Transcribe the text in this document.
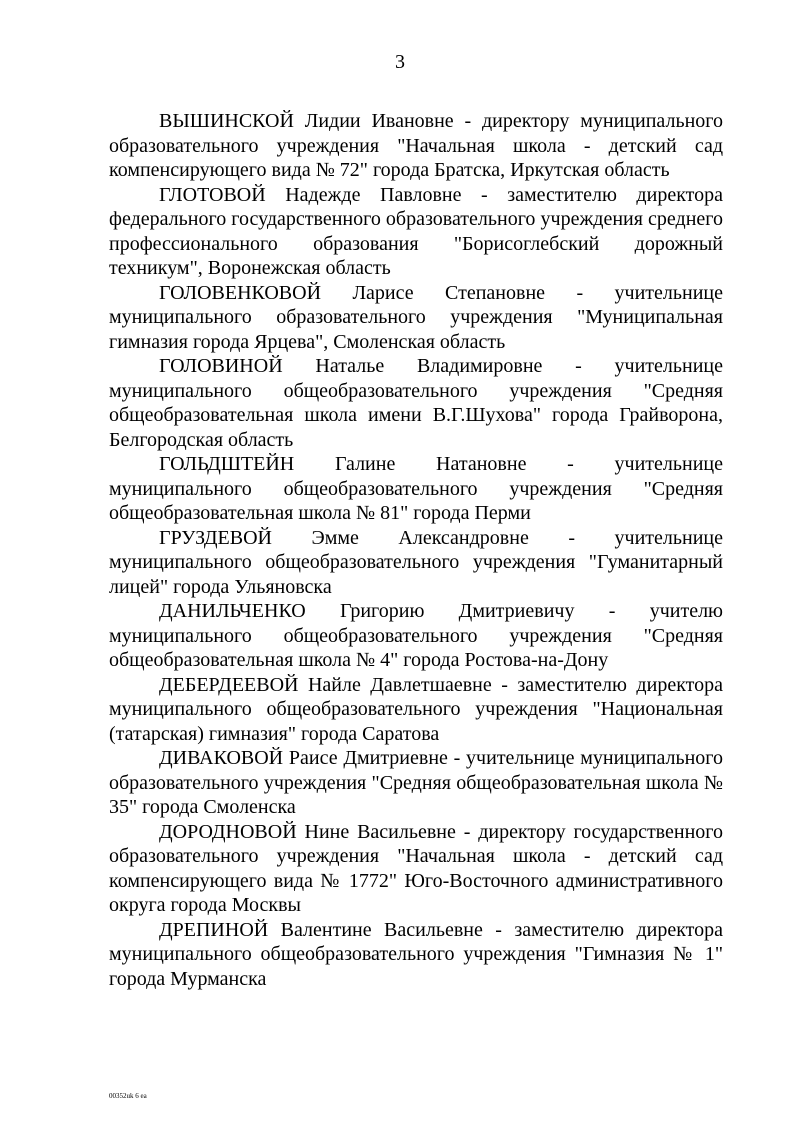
3

ВЫШИНСКОЙ Лидии Ивановне - директору муниципального образовательного учреждения "Начальная школа - детский сад компенсирующего вида № 72" города Братска, Иркутская область

ГЛОТОВОЙ Надежде Павловне - заместителю директора федерального государственного образовательного учреждения среднего профессионального образования "Борисоглебский дорожный техникум", Воронежская область

ГОЛОВЕНКОВОЙ Ларисе Степановне - учительнице муниципального образовательного учреждения "Муниципальная гимназия города Ярцева", Смоленская область

ГОЛОВИНОЙ Наталье Владимировне - учительнице муниципального общеобразовательного учреждения "Средняя общеобразовательная школа имени В.Г.Шухова" города Грайворона, Белгородская область

ГОЛЬДШТЕЙН Галине Натановне - учительнице муниципального общеобразовательного учреждения "Средняя общеобразовательная школа № 81" города Перми

ГРУЗДЕВОЙ Эмме Александровне - учительнице муниципального общеобразовательного учреждения "Гуманитарный лицей" города Ульяновска

ДАНИЛЬЧЕНКО Григорию Дмитриевичу - учителю муниципального общеобразовательного учреждения "Средняя общеобразовательная школа № 4" города Ростова-на-Дону

ДЕБЕРДЕЕВОЙ Найле Давлетшаевне - заместителю директора муниципального общеобразовательного учреждения "Национальная (татарская) гимназия" города Саратова

ДИВАКОВОЙ Раисе Дмитриевне - учительнице муниципального образовательного учреждения "Средняя общеобразовательная школа № 35" города Смоленска

ДОРОДНОВОЙ Нине Васильевне - директору государственного образовательного учреждения "Начальная школа - детский сад компенсирующего вида № 1772" Юго-Восточного административного округа города Москвы

ДРЕПИНОЙ Валентине Васильевне - заместителю директора муниципального общеобразовательного учреждения "Гимназия № 1" города Мурманска

00352uk 6 ea
